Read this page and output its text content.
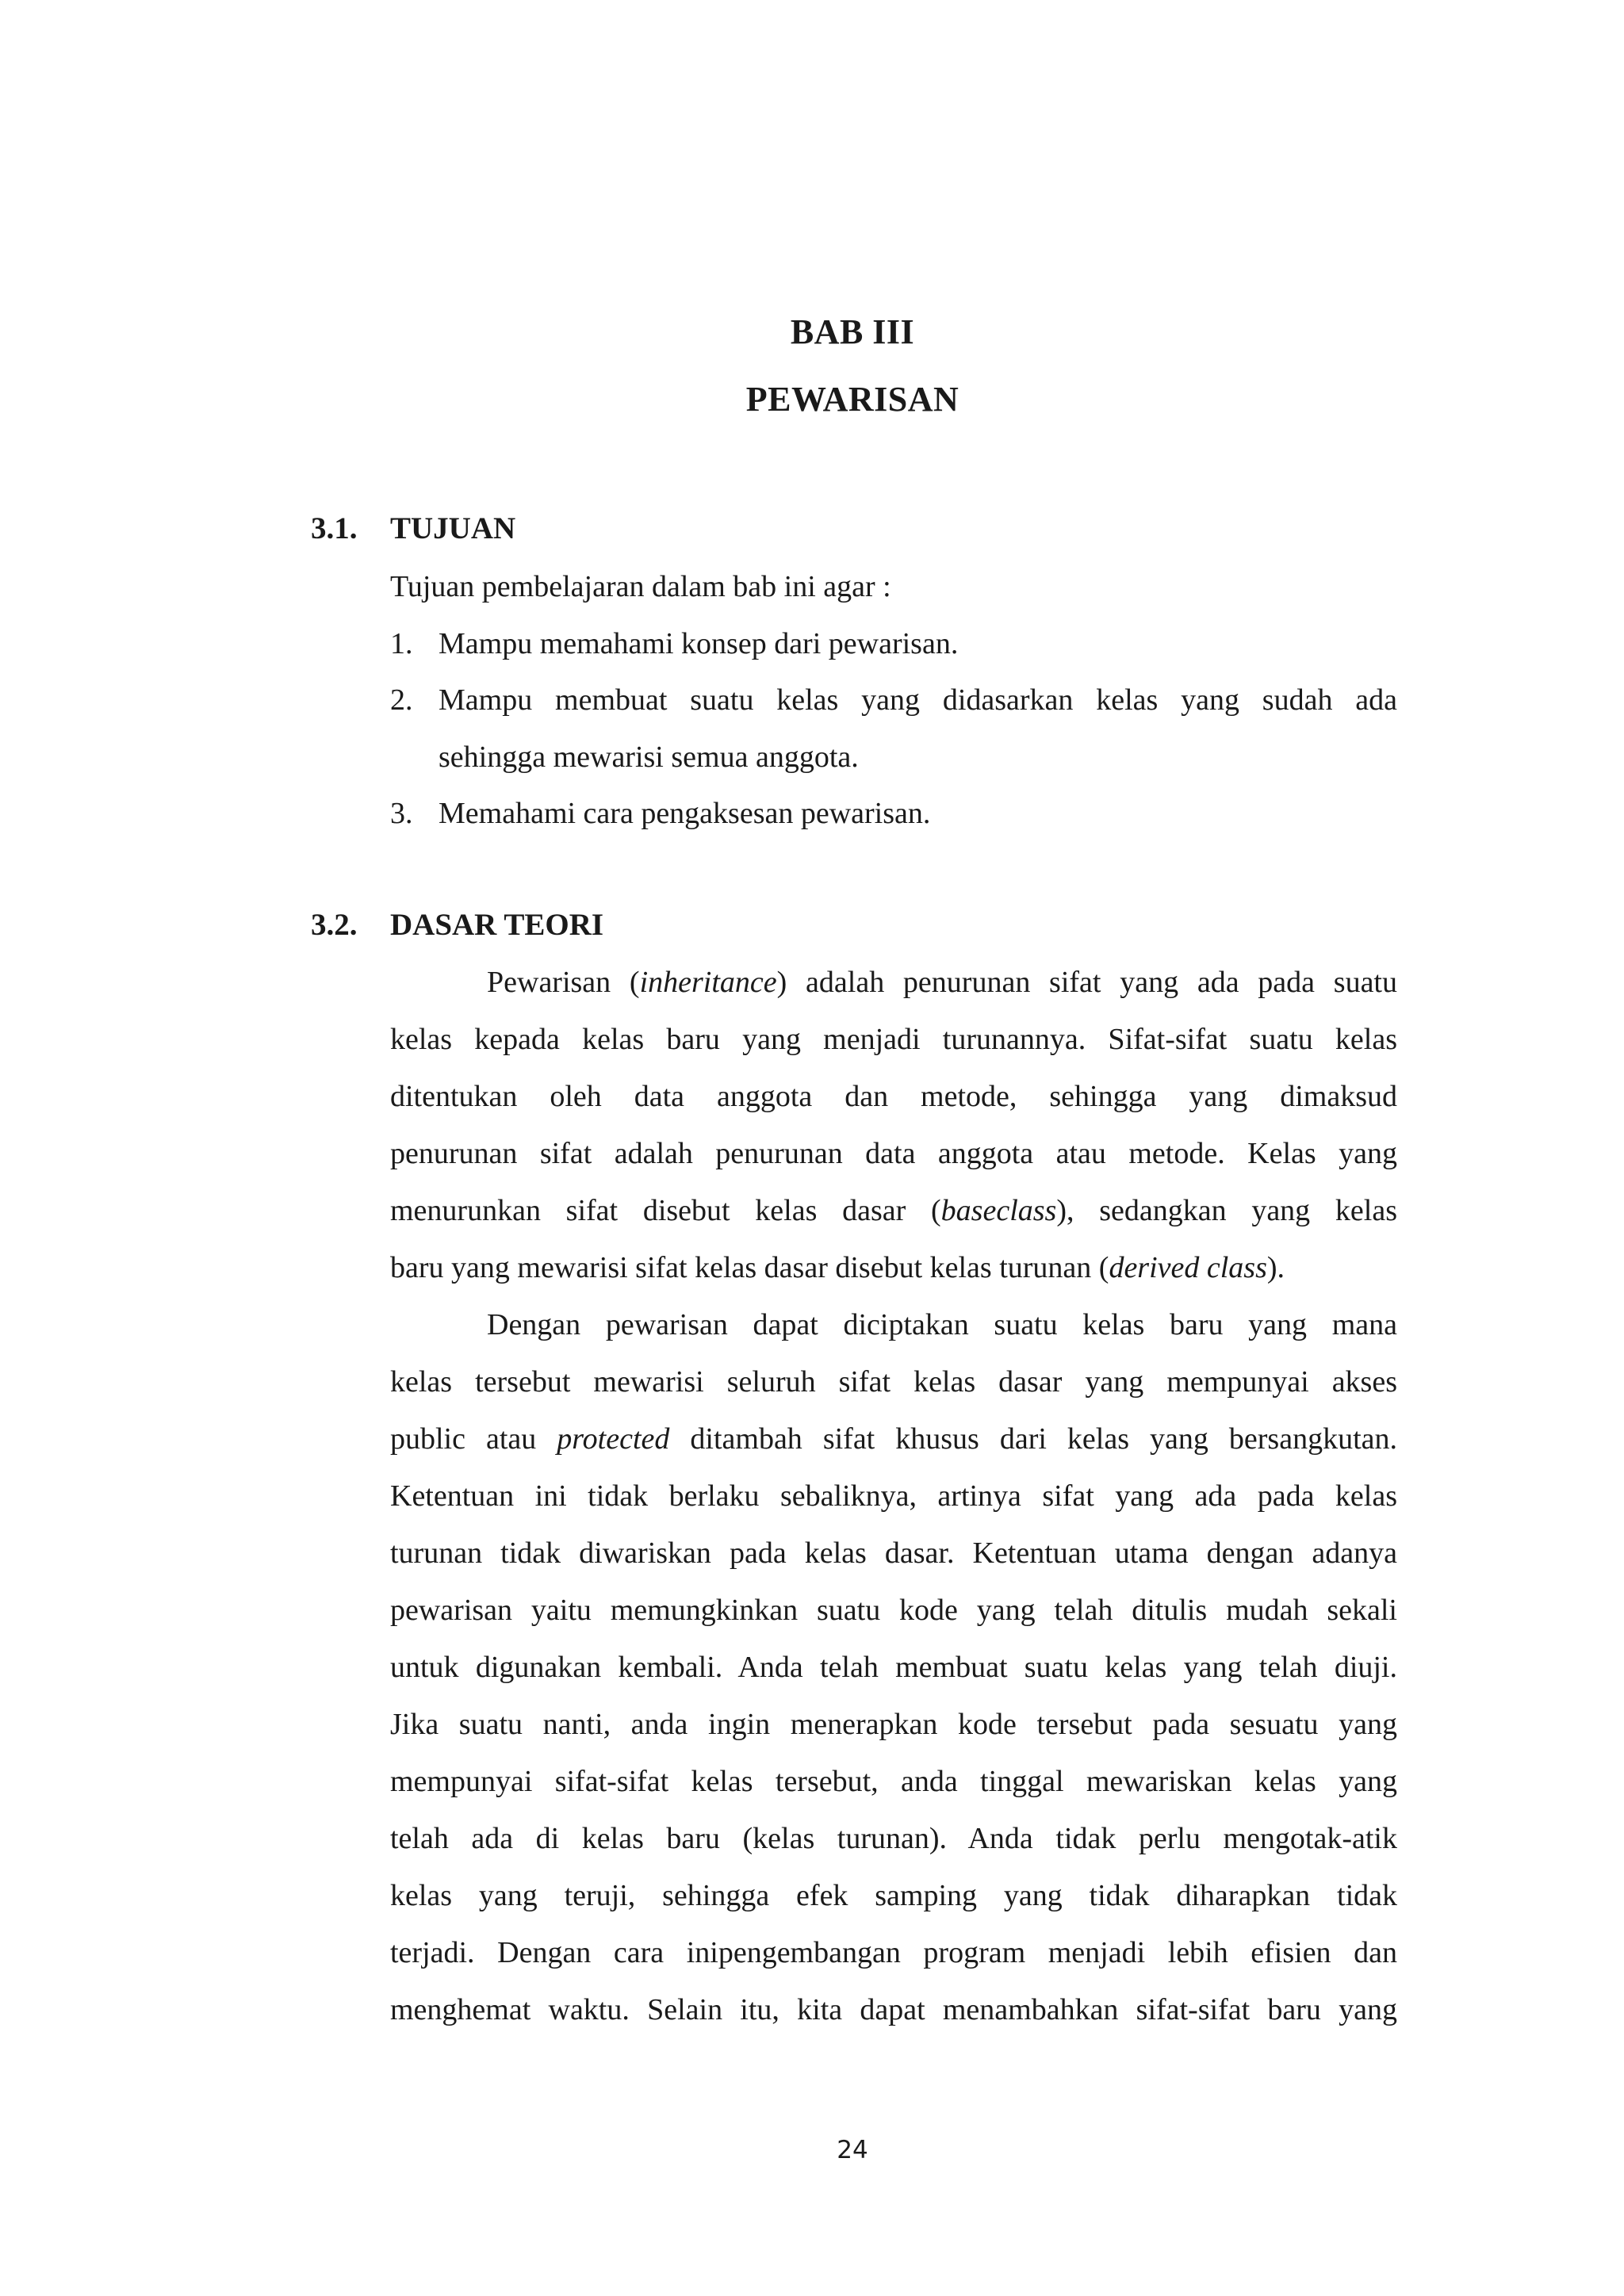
BAB III
PEWARISAN
3.1. TUJUAN
Tujuan pembelajaran dalam bab ini agar :
1. Mampu memahami konsep dari pewarisan.
2. Mampu membuat suatu kelas yang didasarkan kelas yang sudah ada
sehingga mewarisi semua anggota.
3. Memahami cara pengaksesan pewarisan.
3.2. DASAR TEORI
Pewarisan (inheritance) adalah penurunan sifat yang ada pada suatu
kelas kepada kelas baru yang menjadi turunannya. Sifat-sifat suatu kelas
ditentukan oleh data anggota dan metode, sehingga yang dimaksud
penurunan sifat adalah penurunan data anggota atau metode. Kelas yang
menurunkan sifat disebut kelas dasar (baseclass), sedangkan yang kelas
baru yang mewarisi sifat kelas dasar disebut kelas turunan (derived class).
Dengan pewarisan dapat diciptakan suatu kelas baru yang mana
kelas tersebut mewarisi seluruh sifat kelas dasar yang mempunyai akses
public atau protected ditambah sifat khusus dari kelas yang bersangkutan.
Ketentuan ini tidak berlaku sebaliknya, artinya sifat yang ada pada kelas
turunan tidak diwariskan pada kelas dasar. Ketentuan utama dengan adanya
pewarisan yaitu memungkinkan suatu kode yang telah ditulis mudah sekali
untuk digunakan kembali. Anda telah membuat suatu kelas yang telah diuji.
Jika suatu nanti, anda ingin menerapkan kode tersebut pada sesuatu yang
mempunyai sifat-sifat kelas tersebut, anda tinggal mewariskan kelas yang
telah ada di kelas baru (kelas turunan). Anda tidak perlu mengotak-atik
kelas yang teruji, sehingga efek samping yang tidak diharapkan tidak
terjadi. Dengan cara inipengembangan program menjadi lebih efisien dan
menghemat waktu. Selain itu, kita dapat menambahkan sifat-sifat baru yang
24
